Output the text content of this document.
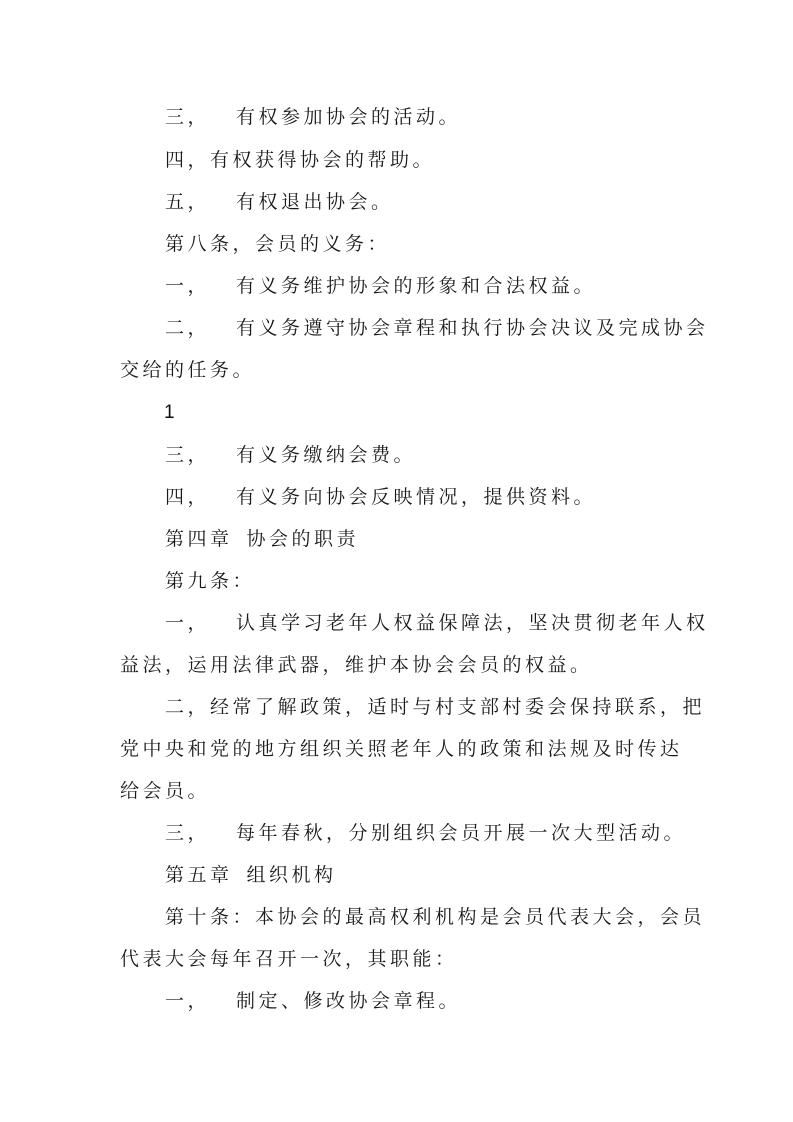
三， 有权参加协会的活动。
四，有权获得协会的帮助。
五， 有权退出协会。
第八条，会员的义务：
一， 有义务维护协会的形象和合法权益。
二， 有义务遵守协会章程和执行协会决议及完成协会
交给的任务。
1
三， 有义务缴纳会费。
四， 有义务向协会反映情况，提供资料。
第四章 协会的职责
第九条：
一， 认真学习老年人权益保障法，坚决贯彻老年人权
益法，运用法律武器，维护本协会会员的权益。
二，经常了解政策，适时与村支部村委会保持联系，把
党中央和党的地方组织关照老年人的政策和法规及时传达
给会员。
三， 每年春秋，分别组织会员开展一次大型活动。
第五章 组织机构
第十条：本协会的最高权利机构是会员代表大会，会员
代表大会每年召开一次，其职能：
一， 制定、修改协会章程。
